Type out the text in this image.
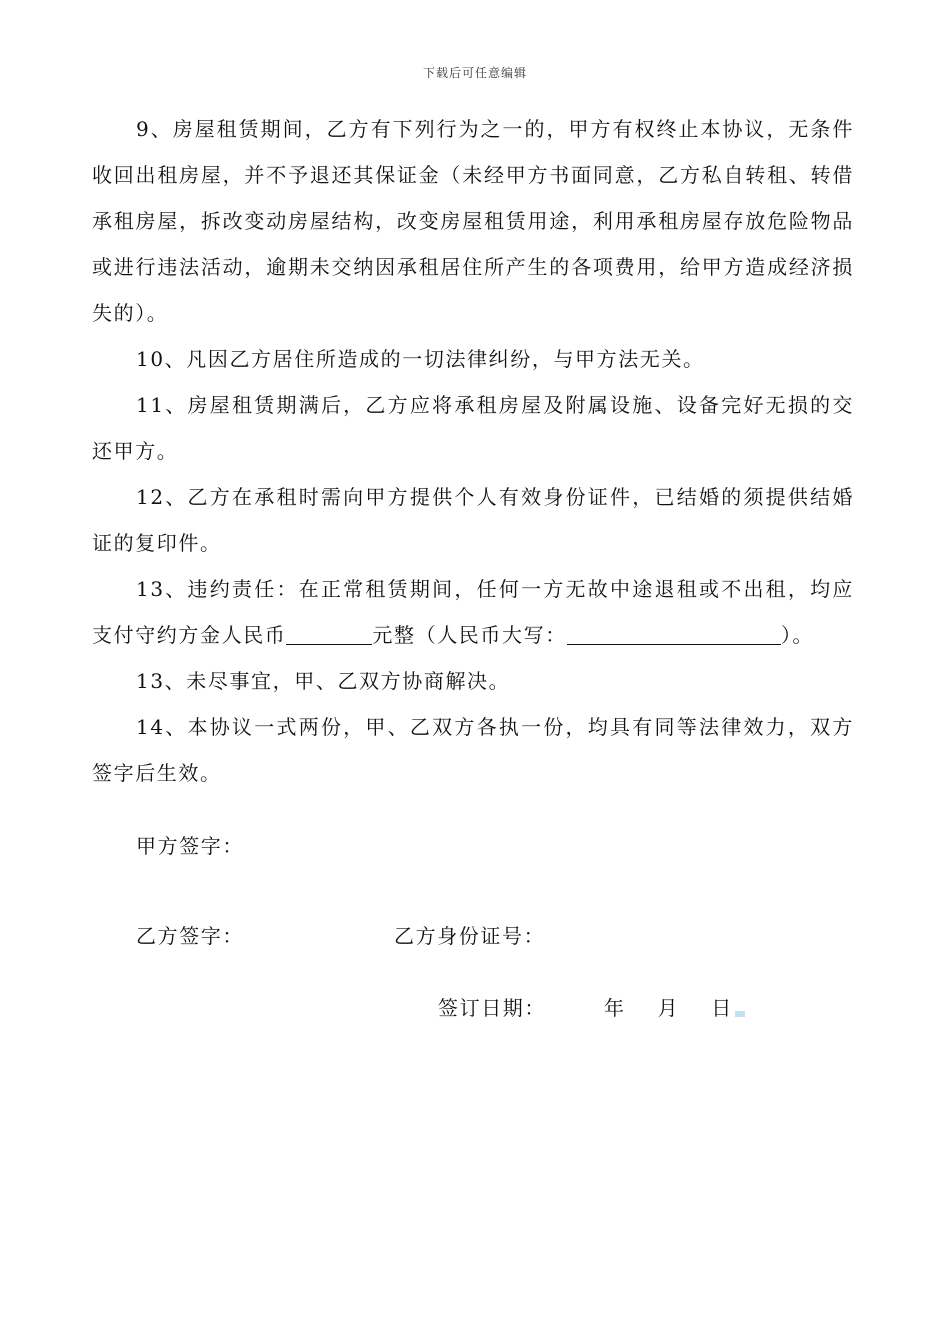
下载后可任意编辑

9、房屋租赁期间，乙方有下列行为之一的，甲方有权终止本协议，无条件收回出租房屋，并不予退还其保证金（未经甲方书面同意，乙方私自转租、转借承租房屋，拆改变动房屋结构，改变房屋租赁用途，利用承租房屋存放危险物品或进行违法活动，逾期未交纳因承租居住所产生的各项费用，给甲方造成经济损失的）。

10、凡因乙方居住所造成的一切法律纠纷，与甲方法无关。

11、房屋租赁期满后，乙方应将承租房屋及附属设施、设备完好无损的交还甲方。

12、乙方在承租时需向甲方提供个人有效身份证件，已结婚的须提供结婚证的复印件。

13、违约责任：在正常租赁期间，任何一方无故中途退租或不出租，均应支付守约方金人民币	元整（人民币大写：	）。

13、未尽事宜，甲、乙双方协商解决。

14、本协议一式两份，甲、乙双方各执一份，均具有同等法律效力，双方签字后生效。

甲方签字：
乙方签字：	乙方身份证号：
签订日期：	年 月 日
